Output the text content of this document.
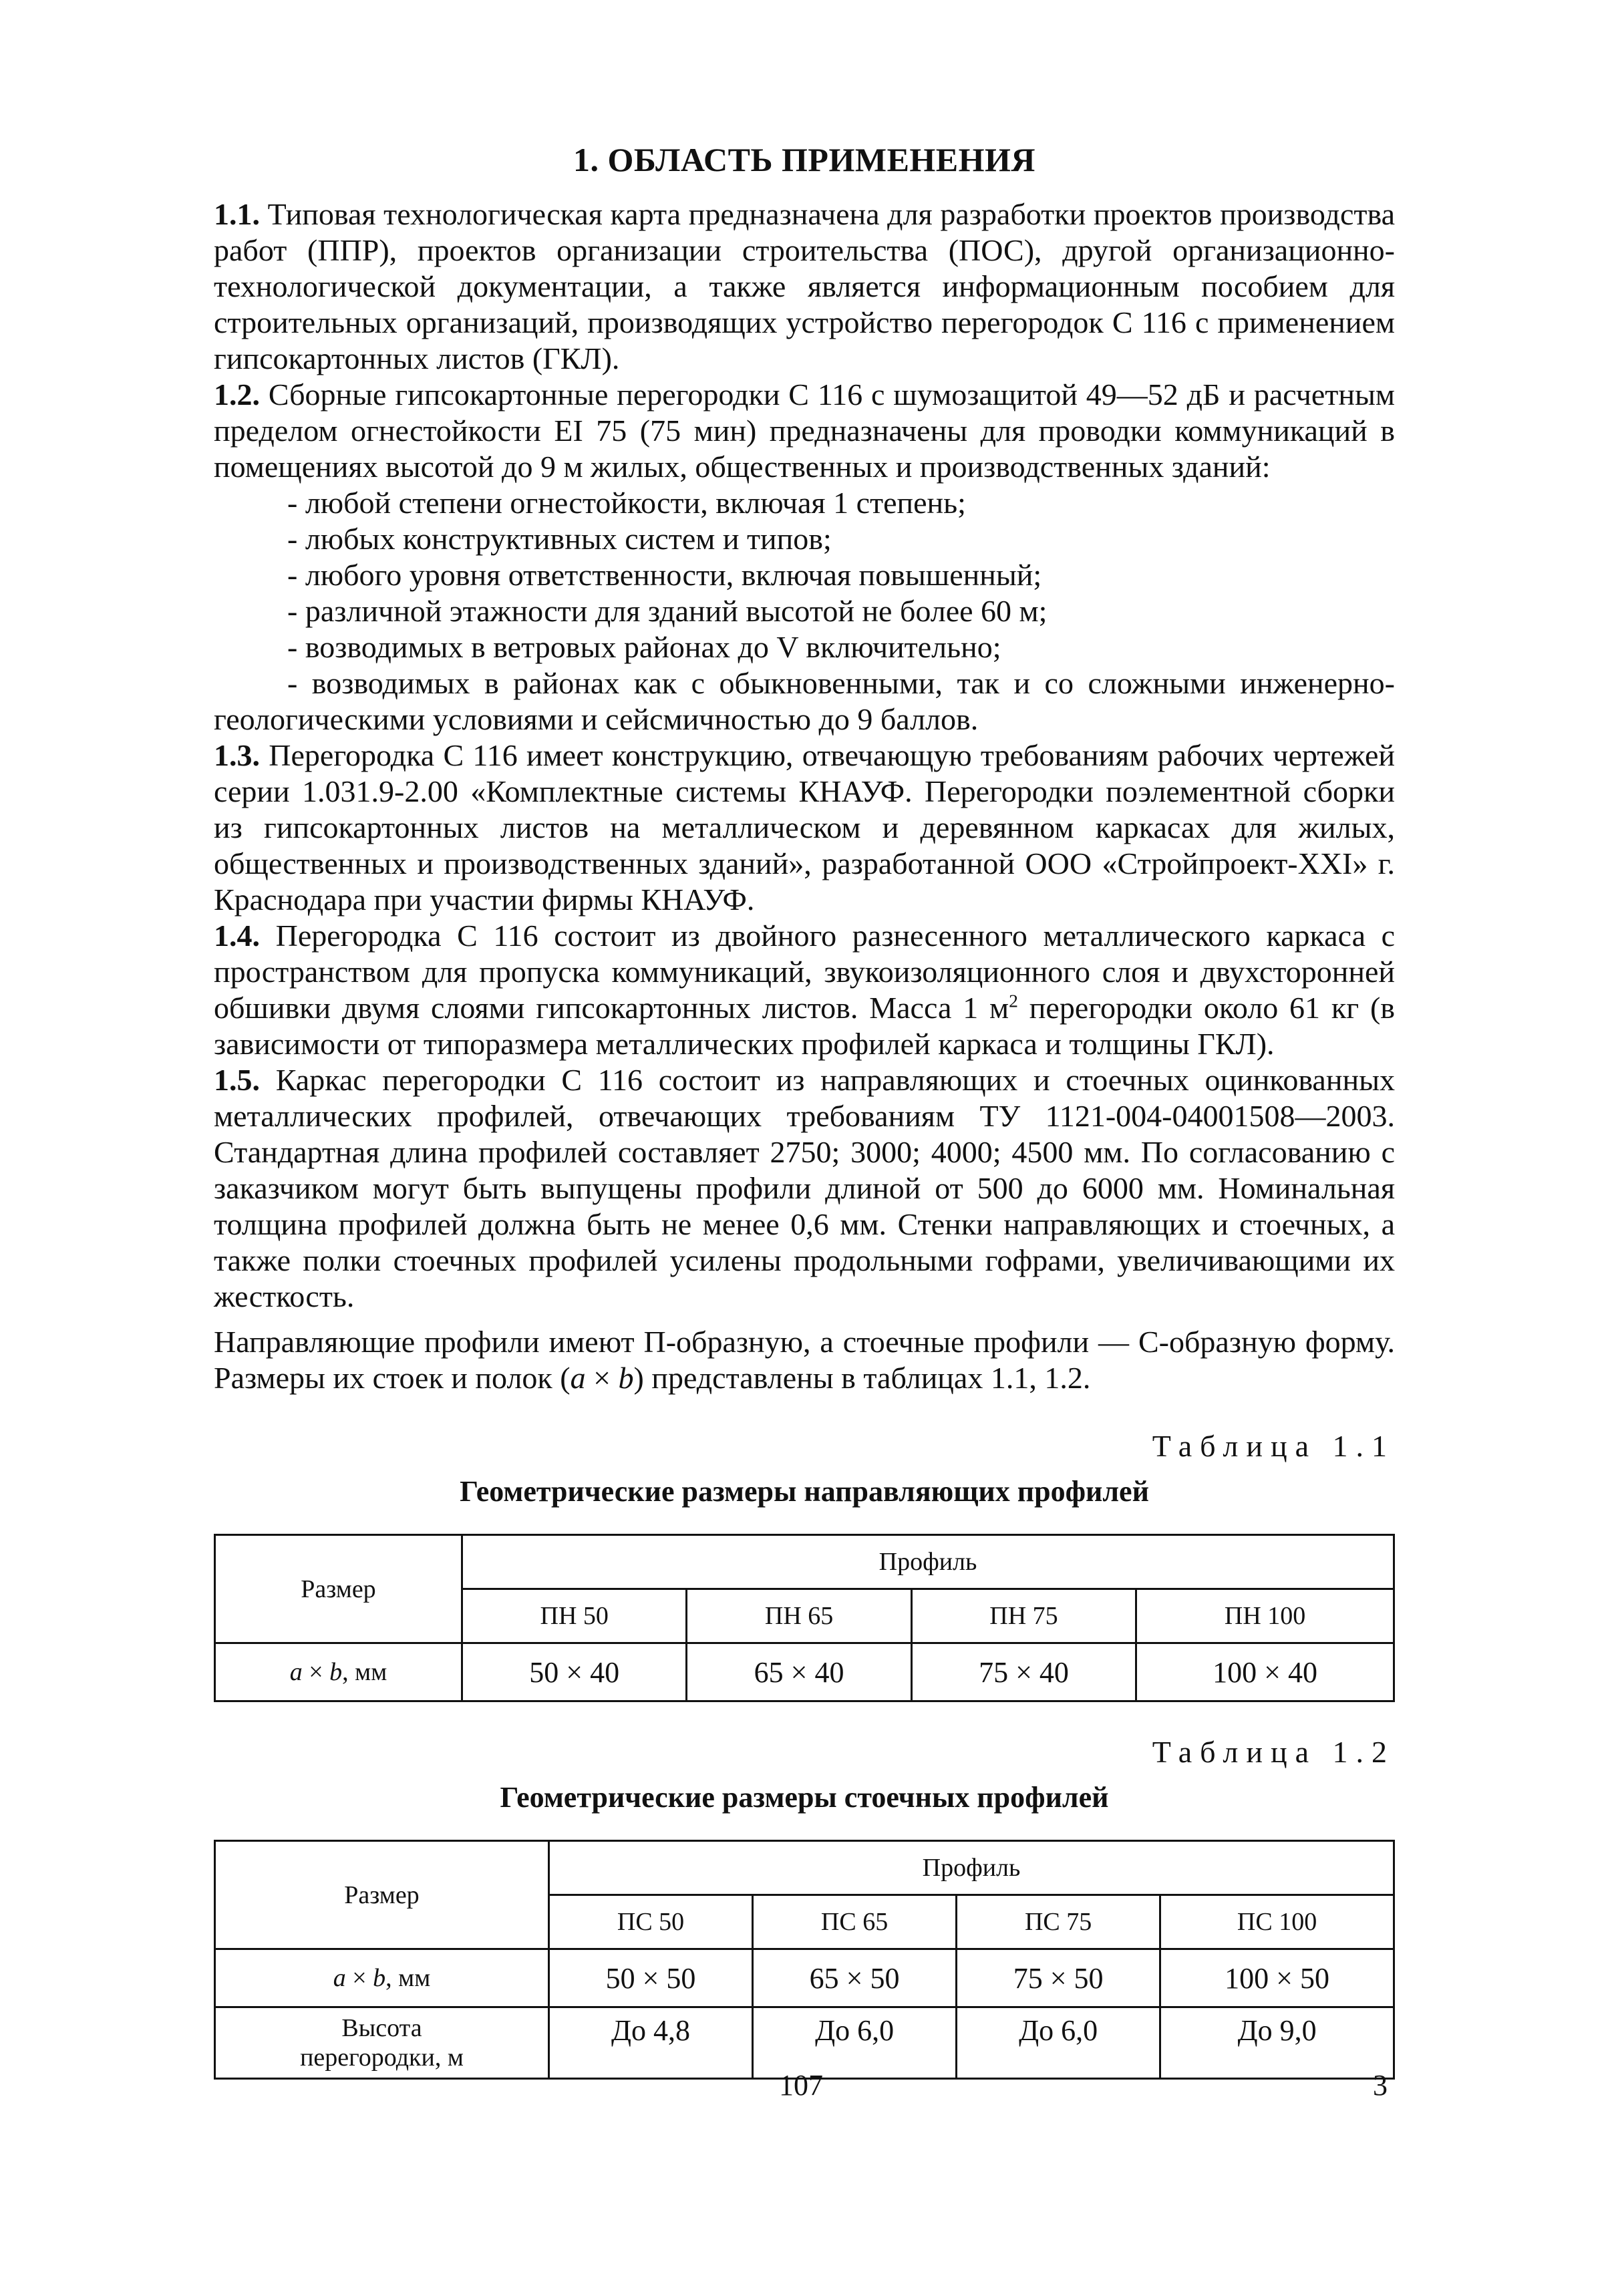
1. ОБЛАСТЬ ПРИМЕНЕНИЯ

1.1. Типовая технологическая карта предназначена для разработки проектов производства работ (ППР), проектов организации строительства (ПОС), другой организационно-технологической документации, а также является информационным пособием для строительных организаций, производящих устройство перегородок С 116 с применением гипсокартонных листов (ГКЛ).

1.2. Сборные гипсокартонные перегородки С 116 с шумозащитой 49—52 дБ и расчетным пределом огнестойкости EI 75 (75 мин) предназначены для проводки коммуникаций в помещениях высотой до 9 м жилых, общественных и производственных зданий:

- любой степени огнестойкости, включая 1 степень;
- любых конструктивных систем и типов;
- любого уровня ответственности, включая повышенный;
- различной этажности для зданий высотой не более 60 м;
- возводимых в ветровых районах до V включительно;
- возводимых в районах как с обыкновенными, так и со сложными инженерно-геологическими условиями и сейсмичностью до 9 баллов.

1.3. Перегородка С 116 имеет конструкцию, отвечающую требованиям рабочих чертежей серии 1.031.9-2.00 «Комплектные системы КНАУФ. Перегородки поэлементной сборки из гипсокартонных листов на металлическом и деревянном каркасах для жилых, общественных и производственных зданий», разработанной ООО «Стройпроект-XXI» г. Краснодара при участии фирмы КНАУФ.

1.4. Перегородка С 116 состоит из двойного разнесенного металлического каркаса с пространством для пропуска коммуникаций, звукоизоляционного слоя и двухсторонней обшивки двумя слоями гипсокартонных листов. Масса 1 $м^2$ перегородки около 61 кг (в зависимости от типоразмера металлических профилей каркаса и толщины ГКЛ).

1.5. Каркас перегородки С 116 состоит из направляющих и стоечных оцинкованных металлических профилей, отвечающих требованиям ТУ 1121-004-04001508—2003. Стандартная длина профилей составляет 2750; 3000; 4000; 4500 мм. По согласованию с заказчиком могут быть выпущены профили длиной от 500 до 6000 мм. Номинальная толщина профилей должна быть не менее 0,6 мм. Стенки направляющих и стоечных, а также полки стоечных профилей усилены продольными гофрами, увеличивающими их жесткость.

Направляющие профили имеют П-образную, а стоечные профили — С-образную форму. Размеры их стоек и полок (a × b) представлены в таблицах 1.1, 1.2.

Таблица 1.1
Геометрические размеры направляющих профилей
Размер	Профиль			
	ПН 50	ПН 65	ПН 75	ПН 100
a × b, мм	50 × 40	65 × 40	75 × 40	100 × 40
Таблица 1.2
Геометрические размеры стоечных профилей
Размер	Профиль			
	ПС 50	ПС 65	ПС 75	ПС 100
a × b, мм	50 × 50	65 × 50	75 × 50	100 × 50

Высота
перегородки, м	До 4,8	До 6,0	До 6,0	До 9,0
107	3
